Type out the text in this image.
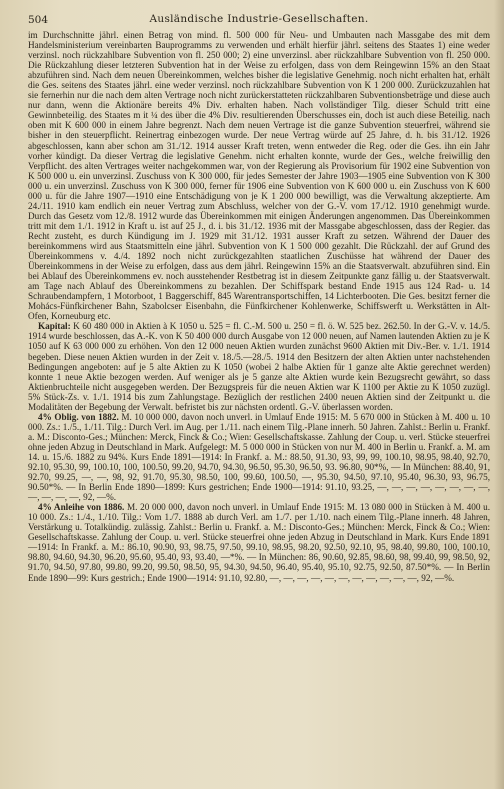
504	Ausländische Industrie-Gesellschaften.

im Durchschnitte jährl. einen Betrag von mind. fl. 500 000 für Neu- und Umbauten nach Massgabe des mit dem Handelsministerium vereinbarten Bauprogramms zu verwenden und erhält hierfür jährl. seitens des Staates 1) eine weder verzinsl. noch rückzahlbare Subvention von fl. 250 000; 2) eine unverzinsl. aber rückzahlbare Subvention von fl. 250 000. Die Rückzahlung dieser letzteren Subvention hat in der Weise zu erfolgen, dass von dem Reingewinn 15% an den Staat abzuführen sind. Nach dem neuen Übereinkommen, welches bisher die legislative Genehmig. noch nicht erhalten hat, erhält die Ges. seitens des Staates jährl. eine weder verzinsl. noch rückzahlbare Subvention von K 1 200 000. Zurückzuzahlen hat sie fernerhin nur die nach dem alten Vertrage noch nicht zurückerstatteten rückzahlbaren Subventionsbeträge und diese auch nur dann, wenn die Aktionäre bereits 4% Div. erhalten haben. Nach vollständiger Tilg. dieser Schuld tritt eine Gewinnbeteilig. des Staates m it ¼ des über die 4% Div. resultierenden Überschusses ein, doch ist auch diese Beteilig. nach oben mit K 600 000 in einem Jahre begrenzt. Nach dem neuen Vertrage ist die ganze Subvention steuerfrei, während sie bisher in den steuerpflicht. Reinertrag einbezogen wurde. Der neue Vertrag würde auf 25 Jahre, d. h. bis 31./12. 1926 abgeschlossen, kann aber schon am 31./12. 1914 ausser Kraft treten, wenn entweder die Reg. oder die Ges. ihn ein Jahr vorher kündigt. Da dieser Vertrag die legislative Genehm. nicht erhalten konnte, wurde der Ges., welche freiwillig den Verpflicht. des alten Vertrages weiter nachgekommen war, von der Regierung als Provisorium für 1902 eine Subvention von K 500 000 u. ein unverzinsl. Zuschuss von K 300 000, für jedes Semester der Jahre 1903—1905 eine Subvention von K 300 000 u. ein unverzinsl. Zuschuss von K 300 000, ferner für 1906 eine Subvention von K 600 000 u. ein Zuschuss von K 600 000 u. für die Jahre 1907—1910 eine Entschädigung von je K 1 200 000 bewilligt, was die Verwaltung akzeptierte. Am 24./11. 1910 kam endlich ein neuer Vertrag zum Abschluss, welcher von der G.-V. vom 17./12. 1910 genehmigt wurde. Durch das Gesetz vom 12./8. 1912 wurde das Übereinkommen mit einigen Änderungen angenommen. Das Übereinkommen tritt mit dem 1./1. 1912 in Kraft u. ist auf 25 J., d. i. bis 31./12. 1936 mit der Massgabe abgeschlossen, dass der Regier. das Recht zusteht, es durch Kündigung im J. 1929 mit 31./12. 1931 ausser Kraft zu setzen. Während der Dauer des bereinkommens wird aus Staatsmitteln eine jährl. Subvention von K 1 500 000 gezahlt. Die Rückzahl. der auf Grund des Übereinkommens v. 4./4. 1892 noch nicht zurückgezahlten staatlichen Zuschüsse hat während der Dauer des Übereinkommens in der Weise zu erfolgen, dass aus dem jährl. Reingewinn 15% an die Staatsverwalt. abzuführen sind. Ein bei Ablauf des Übereinkommens ev. noch ausstehender Restbetrag ist in diesem Zeitpunkte ganz fällig u. der Staatsverwalt. am Tage nach Ablauf des Übereinkommens zu bezahlen. Der Schiffspark bestand Ende 1915 aus 124 Rad- u. 14 Schraubendampfern, 1 Motorboot, 1 Baggerschiff, 845 Warentransportschiffen, 14 Lichterbooten. Die Ges. besitzt ferner die Mohács-Fünfkirchener Bahn, Szabolcser Eisenbahn, die Fünfkirchener Kohlenwerke, Schiffswerft u. Werkstätten in Alt-Ofen, Korneuburg etc.

Kapital: K 60 480 000 in Aktien à K 1050 u. 525 = fl. C.-M. 500 u. 250 = fl. ö. W. 525 bez. 262.50. In der G.-V. v. 14./5. 1914 wurde beschlossen, das A.-K. von K 50 400 000 durch Ausgabe von 12 000 neuen, auf Namen lautenden Aktien zu je K 1050 auf K 63 000 000 zu erhöhen. Von den 12 000 neuen Aktien wurden zunächst 9600 Aktien mit Div.-Ber. v. 1./1. 1914 begeben. Diese neuen Aktien wurden in der Zeit v. 18./5.—28./5. 1914 den Besitzern der alten Aktien unter nachstehenden Bedingungen angeboten: auf je 5 alte Aktien zu K 1050 (wobei 2 halbe Aktien für 1 ganze alte Aktie gerechnet werden) konnte 1 neue Aktie bezogen werden. Auf weniger als je 5 ganze alte Aktien wurde kein Bezugsrecht gewährt, so dass Aktienbruchteile nicht ausgegeben werden. Der Bezugspreis für die neuen Aktien war K 1100 per Aktie zu K 1050 zuzügl. 5% Stück-Zs. v. 1./1. 1914 bis zum Zahlungstage. Bezüglich der restlichen 2400 neuen Aktien sind der Zeitpunkt u. die Modalitäten der Begebung der Verwalt. befristet bis zur nächsten ordentl. G.-V. überlassen worden.

4% Oblig. von 1882. M. 10 000 000, davon noch unverl. in Umlauf Ende 1915: M. 5 670 000 in Stücken à M. 400 u. 10 000. Zs.: 1./5., 1./11. Tilg.: Durch Verl. im Aug. per 1./11. nach einem Tilg.-Plane innerh. 50 Jahren. Zahlst.: Berlin u. Frankf. a. M.: Disconto-Ges.; München: Merck, Finck & Co.; Wien: Gesellschaftskasse. Zahlung der Coup. u. verl. Stücke steuerfrei ohne jeden Abzug in Deutschland in Mark. Aufgelegt: M. 5 000 000 in Stücken von nur M. 400 in Berlin u. Frankf. a. M. am 14. u. 15./6. 1882 zu 94%. Kurs Ende 1891—1914: In Frankf. a. M.: 88.50, 91.30, 93, 99, 99, 100.10, 98.95, 98.40, 92.70, 92.10, 95.30, 99, 100.10, 100, 100.50, 99.20, 94.70, 94.30, 96.50, 95.30, 96.50, 93. 96.80, 90*%, — In München: 88.40, 91, 92.70, 99.25, —, —, 98, 92, 91.70, 95.30, 98.50, 100, 99.60, 100.50, —, 95.30, 94.50, 97.10, 95.40, 96.30, 93, 96.75, 90.50*%. — In Berlin Ende 1890—1899: Kurs gestrichen; Ende 1900—1914: 91.10, 93.25, —, —, —, —, —, —, —, —, —, —, —, —, 92, —%.

4% Anleihe von 1886. M. 20 000 000, davon noch unverl. in Umlauf Ende 1915: M. 13 080 000 in Stücken à M. 400 u. 10 000. Zs.: 1./4., 1./10. Tilg.: Vom 1./7. 1888 ab durch Verl. am 1./7. per 1./10. nach einem Tilg.-Plane innerh. 48 Jahren, Verstärkung u. Totalkündig. zulässig. Zahlst.: Berlin u. Frankf. a. M.: Disconto-Ges.; München: Merck, Finck & Co.; Wien: Gesellschaftskasse. Zahlung der Coup. u. verl. Stücke steuerfrei ohne jeden Abzug in Deutschland in Mark. Kurs Ende 1891—1914: In Frankf. a. M.: 86.10, 90.90, 93, 98.75, 97.50, 99.10, 98.95, 98.20, 92.50, 92.10, 95, 98.40, 99.80, 100, 100.10, 98.80, 94.60, 94.30, 96.20, 95.60, 95.40, 93, 93.40, —*%. — In München: 86, 90.60, 92.85, 98.60, 98, 99.40, 99, 98.50, 92, 91.70, 94.50, 97.80, 99.80, 99.20, 99.50, 98.50, 95, 94.30, 94.50, 96.40, 95.40, 95.10, 92.75, 92.50, 87.50*%. — In Berlin Ende 1890—99: Kurs gestrich.; Ende 1900—1914: 91.10, 92.80, —, —, —, —, —, —, —, —, —, —, —, 92, —%.
